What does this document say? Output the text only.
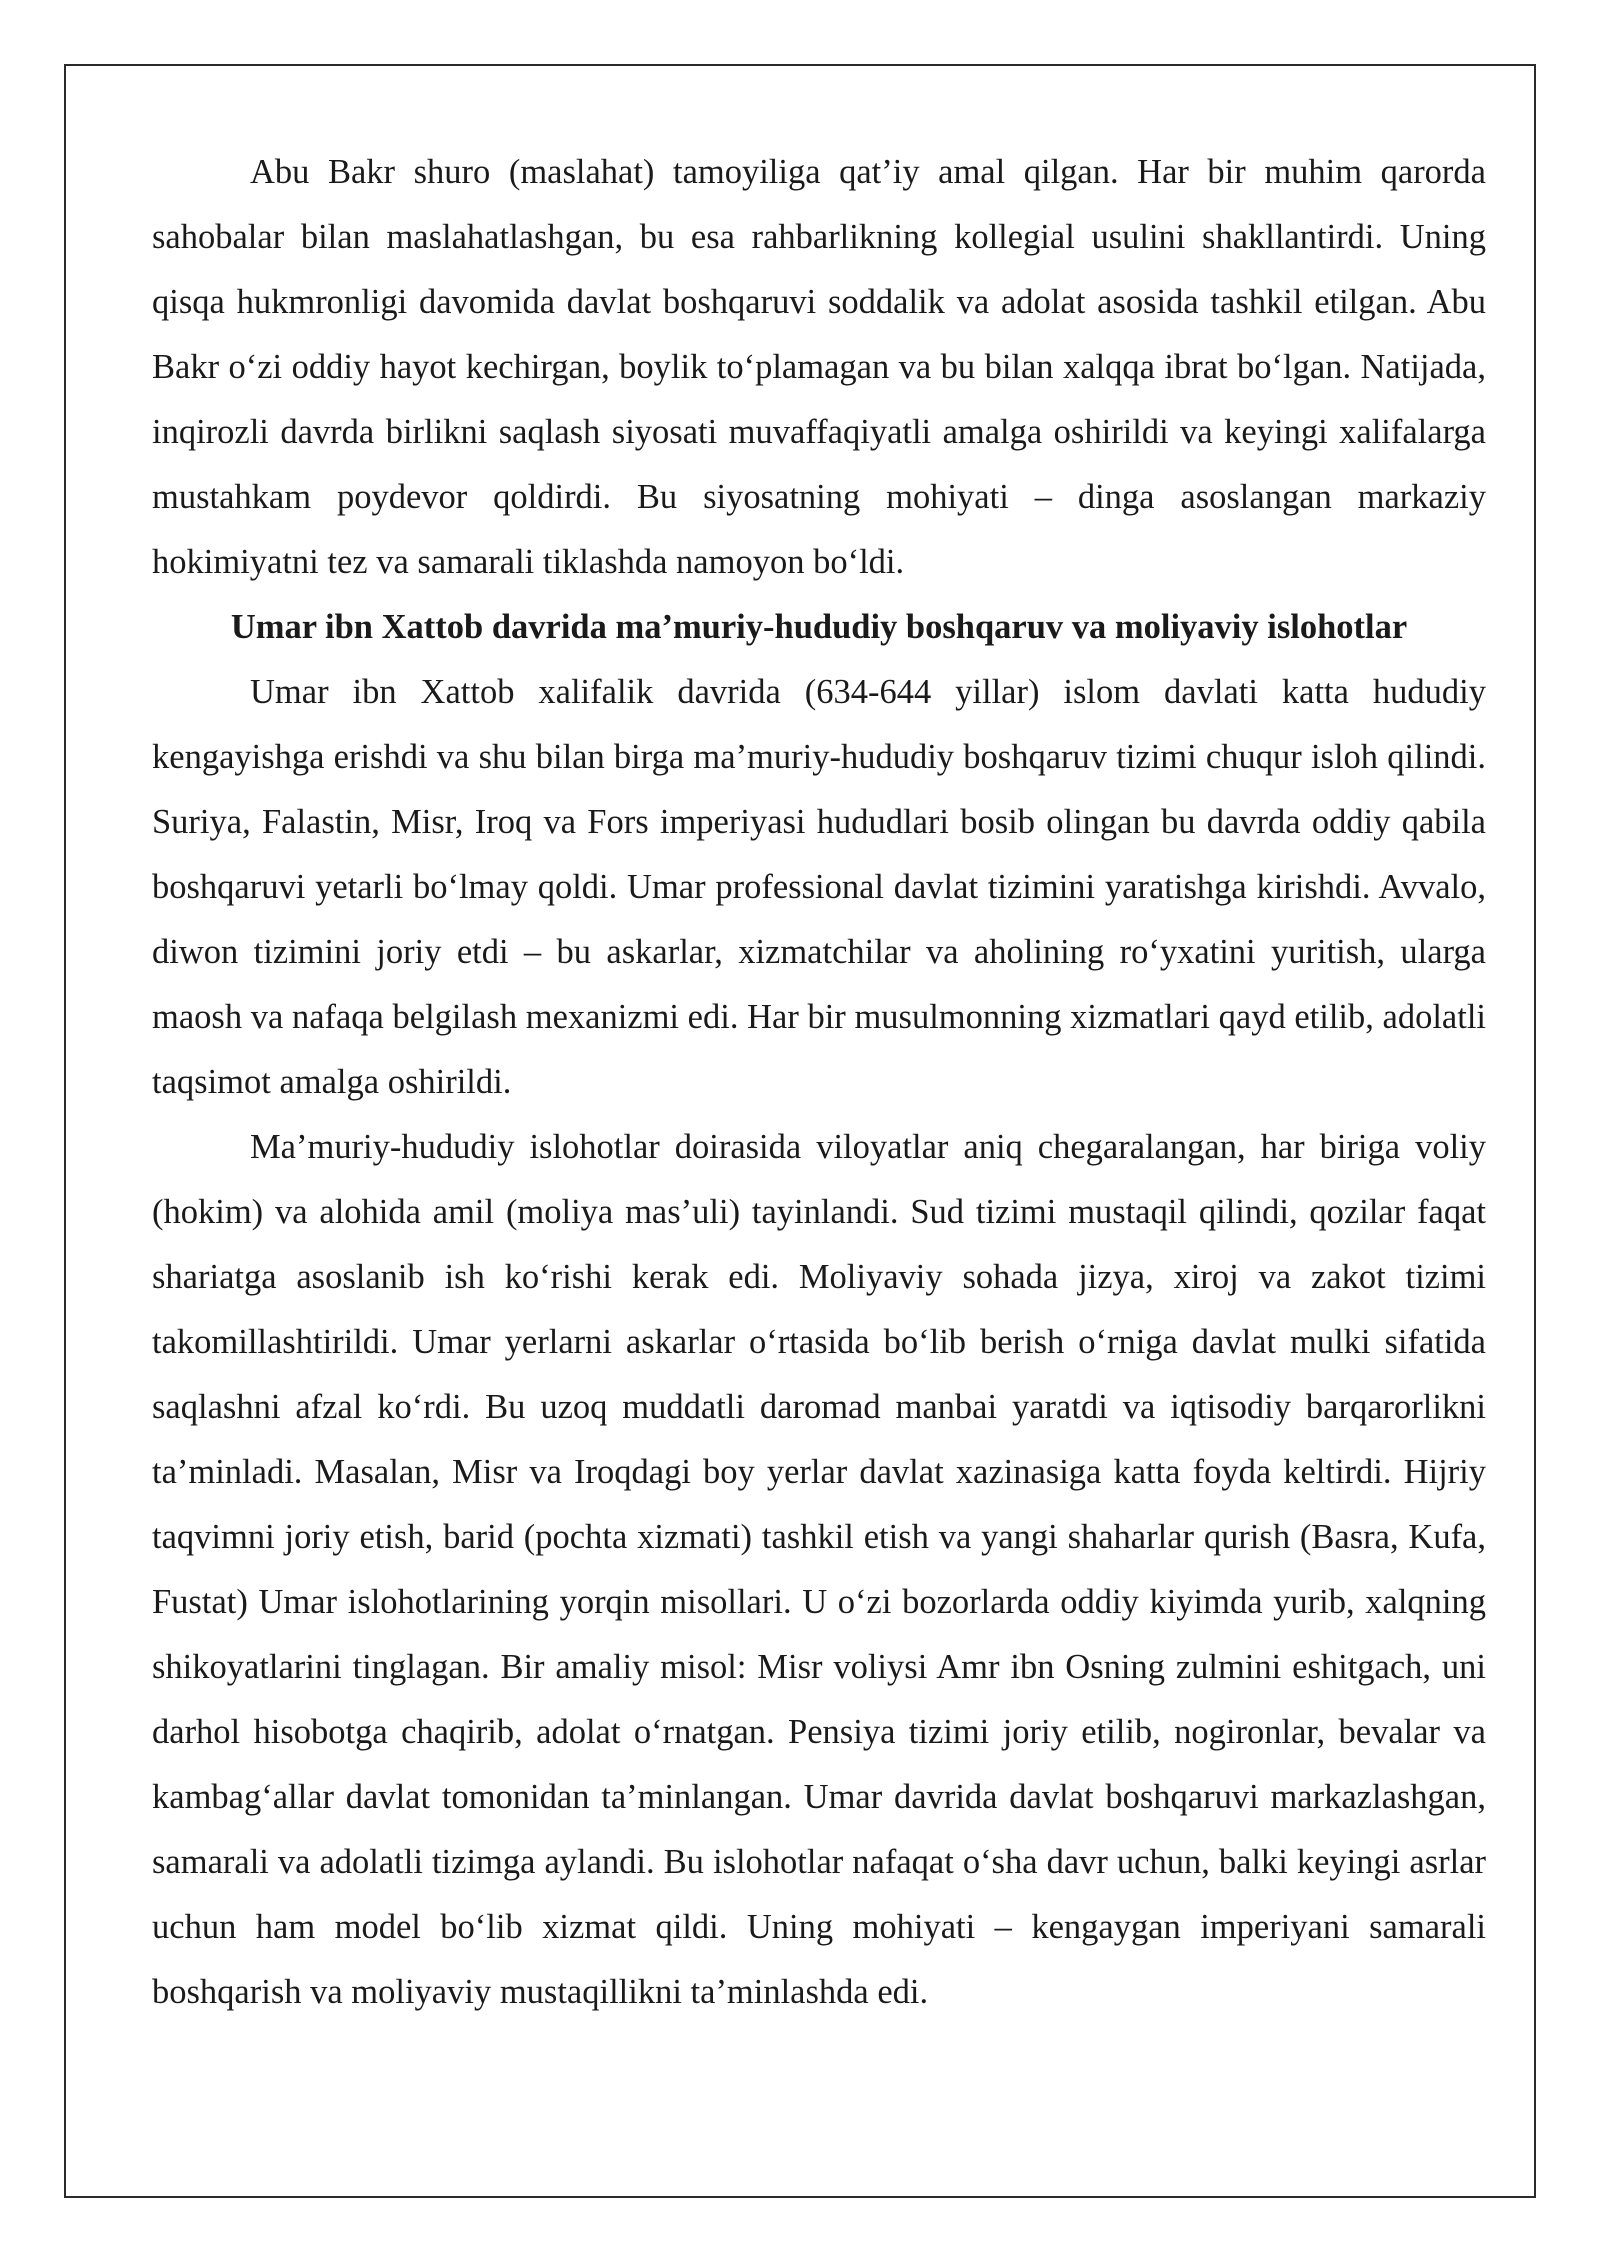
Abu Bakr shuro (maslahat) tamoyiliga qat’iy amal qilgan. Har bir muhim qarorda sahobalar bilan maslahatlashgan, bu esa rahbarlikning kollegial usulini shakllantirdi. Uning qisqa hukmronligi davomida davlat boshqaruvi soddalik va adolat asosida tashkil etilgan. Abu Bakr o‘zi oddiy hayot kechirgan, boylik to‘plamagan va bu bilan xalqqa ibrat bo‘lgan. Natijada, inqirozli davrda birlikni saqlash siyosati muvaffaqiyatli amalga oshirildi va keyingi xalifalarga mustahkam poydevor qoldirdi. Bu siyosatning mohiyati – dinga asoslangan markaziy hokimiyatni tez va samarali tiklashda namoyon bo‘ldi.

Umar ibn Xattob davrida ma’muriy-hududiy boshqaruv va moliyaviy islohotlar

Umar ibn Xattob xalifalik davrida (634-644 yillar) islom davlati katta hududiy kengayishga erishdi va shu bilan birga ma’muriy-hududiy boshqaruv tizimi chuqur isloh qilindi. Suriya, Falastin, Misr, Iroq va Fors imperiyasi hududlari bosib olingan bu davrda oddiy qabila boshqaruvi yetarli bo‘lmay qoldi. Umar professional davlat tizimini yaratishga kirishdi. Avvalo, diwon tizimini joriy etdi – bu askarlar, xizmatchilar va aholining ro‘yxatini yuritish, ularga maosh va nafaqa belgilash mexanizmi edi. Har bir musulmonning xizmatlari qayd etilib, adolatli taqsimot amalga oshirildi.

Ma’muriy-hududiy islohotlar doirasida viloyatlar aniq chegaralangan, har biriga voliy (hokim) va alohida amil (moliya mas’uli) tayinlandi. Sud tizimi mustaqil qilindi, qozilar faqat shariatga asoslanib ish ko‘rishi kerak edi. Moliyaviy sohada jizya, xiroj va zakot tizimi takomillashtirildi. Umar yerlarni askarlar o‘rtasida bo‘lib berish o‘rniga davlat mulki sifatida saqlashni afzal ko‘rdi. Bu uzoq muddatli daromad manbai yaratdi va iqtisodiy barqarorlikni ta’minladi. Masalan, Misr va Iroqdagi boy yerlar davlat xazinasiga katta foyda keltirdi. Hijriy taqvimni joriy etish, barid (pochta xizmati) tashkil etish va yangi shaharlar qurish (Basra, Kufa, Fustat) Umar islohotlarining yorqin misollari. U o‘zi bozorlarda oddiy kiyimda yurib, xalqning shikoyatlarini tinglagan. Bir amaliy misol: Misr voliysi Amr ibn Osning zulmini eshitgach, uni darhol hisobotga chaqirib, adolat o‘rnatgan. Pensiya tizimi joriy etilib, nogironlar, bevalar va kambag‘allar davlat tomonidan ta’minlangan. Umar davrida davlat boshqaruvi markazlashgan, samarali va adolatli tizimga aylandi. Bu islohotlar nafaqat o‘sha davr uchun, balki keyingi asrlar uchun ham model bo‘lib xizmat qildi. Uning mohiyati – kengaygan imperiyani samarali boshqarish va moliyaviy mustaqillikni ta’minlashda edi.
